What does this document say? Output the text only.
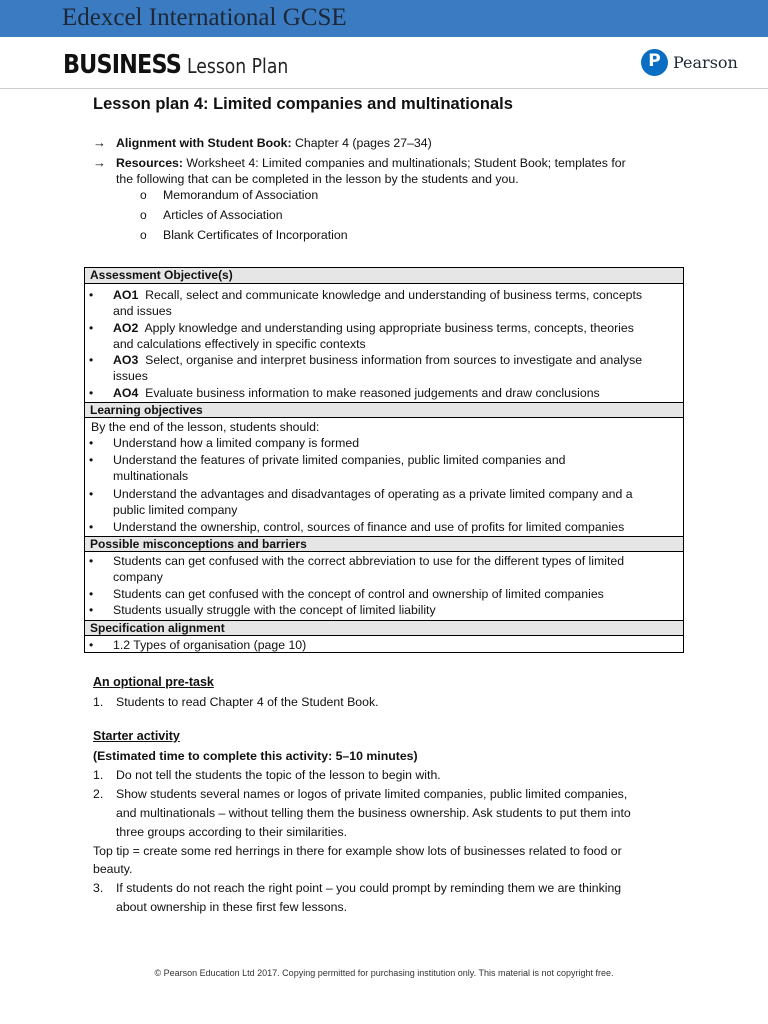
Edexcel International GCSE
BUSINESS Lesson Plan	P Pearson
Lesson plan 4: Limited companies and multinationals
→ Alignment with Student Book: Chapter 4 (pages 27–34)
→ Resources: Worksheet 4: Limited companies and multinationals; Student Book; templates for
the following that can be completed in the lesson by the students and you.
o Memorandum of Association
o Articles of Association
o Blank Certificates of Incorporation
Assessment Objective(s)
• AO1 Recall, select and communicate knowledge and understanding of business terms, concepts
and issues
• AO2 Apply knowledge and understanding using appropriate business terms, concepts, theories
and calculations effectively in specific contexts
• AO3 Select, organise and interpret business information from sources to investigate and analyse
issues
• AO4 Evaluate business information to make reasoned judgements and draw conclusions
Learning objectives
By the end of the lesson, students should:
• Understand how a limited company is formed
• Understand the features of private limited companies, public limited companies and
multinationals
• Understand the advantages and disadvantages of operating as a private limited company and a
public limited company
• Understand the ownership, control, sources of finance and use of profits for limited companies
Possible misconceptions and barriers
• Students can get confused with the correct abbreviation to use for the different types of limited
company
• Students can get confused with the concept of control and ownership of limited companies
• Students usually struggle with the concept of limited liability
Specification alignment
• 1.2 Types of organisation (page 10)
An optional pre-task
1. Students to read Chapter 4 of the Student Book.
Starter activity
(Estimated time to complete this activity: 5–10 minutes)
1. Do not tell the students the topic of the lesson to begin with.
2. Show students several names or logos of private limited companies, public limited companies,
and multinationals – without telling them the business ownership. Ask students to put them into
three groups according to their similarities.
Top tip = create some red herrings in there for example show lots of businesses related to food or
beauty.
3. If students do not reach the right point – you could prompt by reminding them we are thinking
about ownership in these first few lessons.
© Pearson Education Ltd 2017. Copying permitted for purchasing institution only. This material is not copyright free.
